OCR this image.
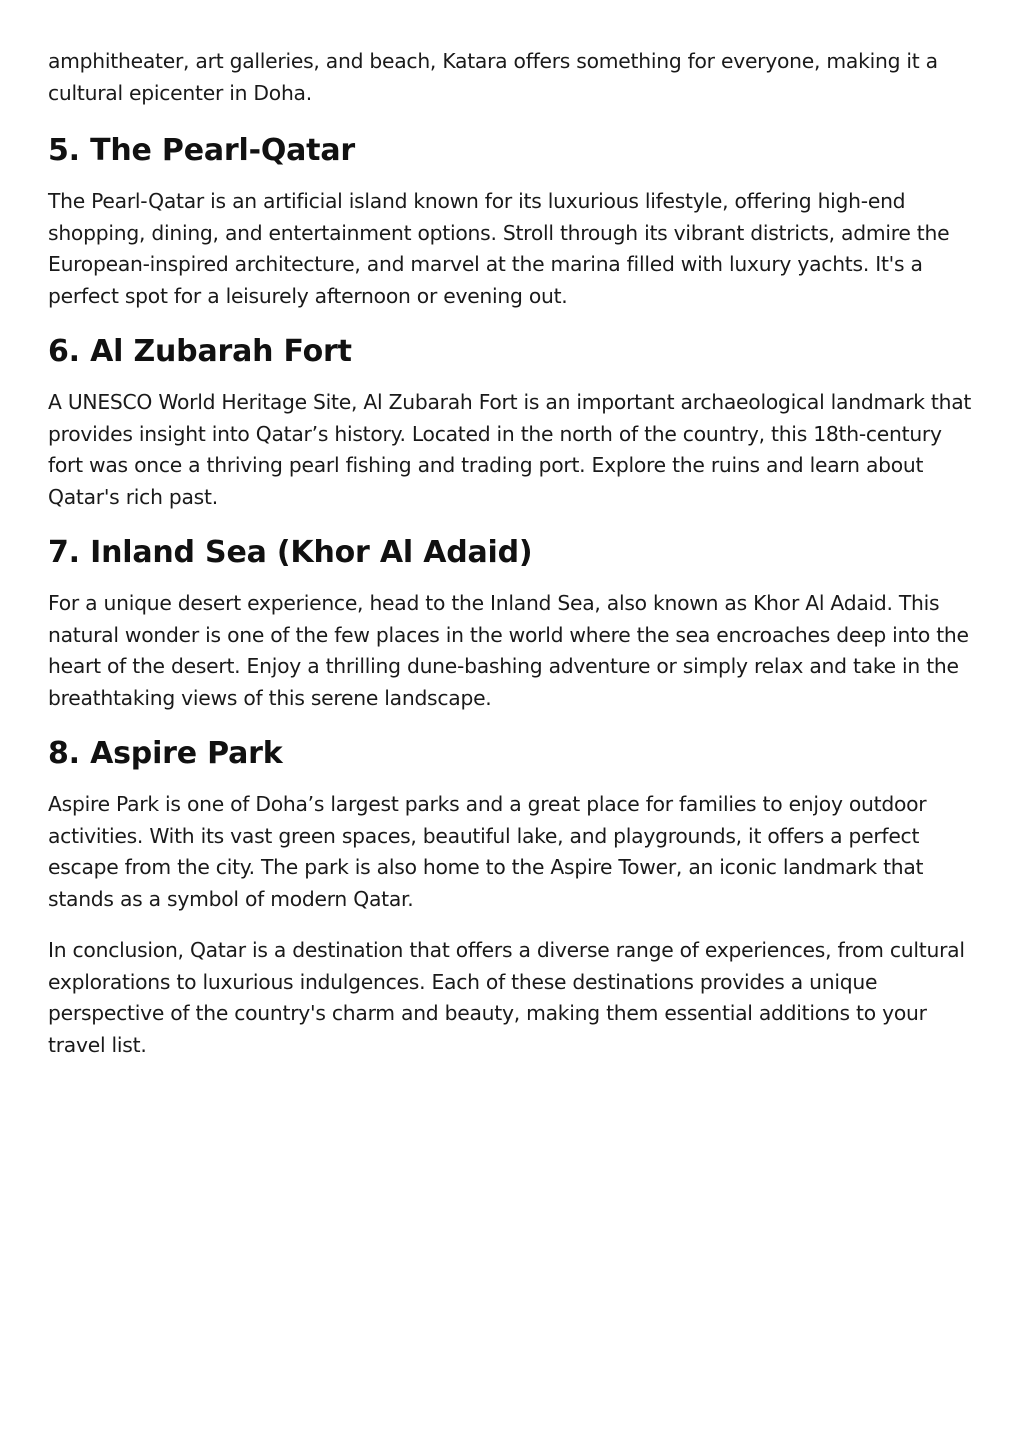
amphitheater, art galleries, and beach, Katara offers something for everyone, making it a cultural epicenter in Doha.

5. The Pearl-Qatar

The Pearl-Qatar is an artificial island known for its luxurious lifestyle, offering high-end shopping, dining, and entertainment options. Stroll through its vibrant districts, admire the European-inspired architecture, and marvel at the marina filled with luxury yachts. It's a perfect spot for a leisurely afternoon or evening out.

6. Al Zubarah Fort

A UNESCO World Heritage Site, Al Zubarah Fort is an important archaeological landmark that provides insight into Qatar’s history. Located in the north of the country, this 18th-century fort was once a thriving pearl fishing and trading port. Explore the ruins and learn about Qatar's rich past.

7. Inland Sea (Khor Al Adaid)

For a unique desert experience, head to the Inland Sea, also known as Khor Al Adaid. This natural wonder is one of the few places in the world where the sea encroaches deep into the heart of the desert. Enjoy a thrilling dune-bashing adventure or simply relax and take in the breathtaking views of this serene landscape.

8. Aspire Park

Aspire Park is one of Doha’s largest parks and a great place for families to enjoy outdoor activities. With its vast green spaces, beautiful lake, and playgrounds, it offers a perfect escape from the city. The park is also home to the Aspire Tower, an iconic landmark that stands as a symbol of modern Qatar.

In conclusion, Qatar is a destination that offers a diverse range of experiences, from cultural explorations to luxurious indulgences. Each of these destinations provides a unique perspective of the country's charm and beauty, making them essential additions to your travel list.
